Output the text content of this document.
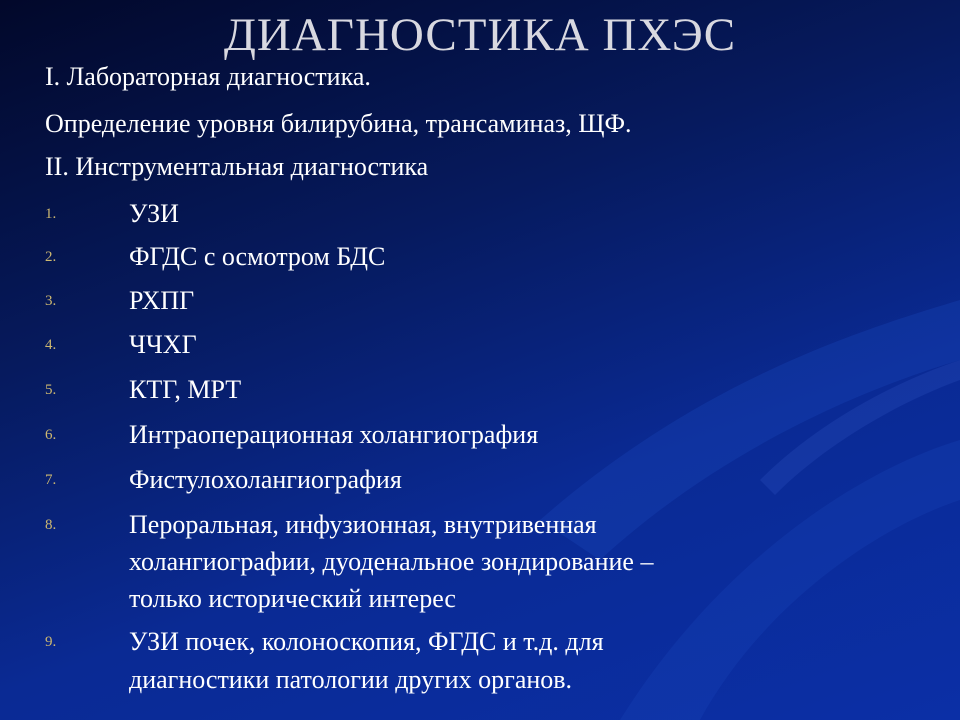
ДИАГНОСТИКА ПХЭС
I. Лабораторная диагностика.
Определение уровня билирубина, трансаминаз, ЩФ.
II. Инструментальная диагностика
1.	УЗИ
2.	ФГДС с осмотром БДС
3.	РХПГ
4.	ЧЧХГ
5.	КТГ, МРТ
6.	Интраоперационная холангиография
7.	Фистулохолангиография
8.	Пероральная, инфузионная, внутривенная
холангиографии, дуоденальное зондирование –
только исторический интерес
9.	УЗИ почек, колоноскопия, ФГДС и т.д. для
диагностики патологии других органов.
